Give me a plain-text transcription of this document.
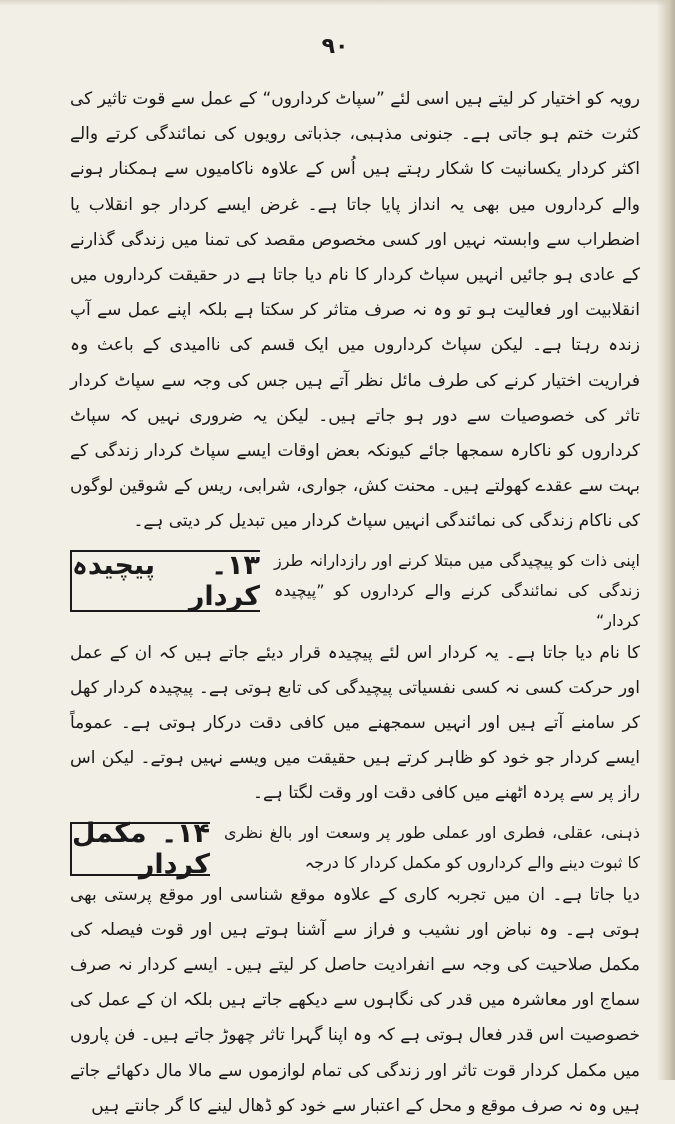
۹۰

رویہ کو اختیار کر لیتے ہیں اسی لئے ”سپاٹ کرداروں“ کے عمل سے قوت تاثیر کی کثرت ختم ہو جاتی ہے۔ جنونی مذہبی، جذباتی رویوں کی نمائندگی کرتے والے اکثر کردار یکسانیت کا شکار رہتے ہیں اُس کے علاوہ ناکامیوں سے ہمکنار ہونے والے کرداروں میں بھی یہ انداز پایا جاتا ہے۔ غرض ایسے کردار جو انقلاب یا اضطراب سے وابستہ نہیں اور کسی مخصوص مقصد کی تمنا میں زندگی گذارنے کے عادی ہو جائیں انہیں سپاٹ کردار کا نام دیا جاتا ہے در حقیقت کرداروں میں انقلابیت اور فعالیت ہو تو وہ نہ صرف متاثر کر سکتا ہے بلکہ اپنے عمل سے آپ زندہ رہتا ہے۔ لیکن سپاٹ کرداروں میں ایک قسم کی ناامیدی کے باعث وہ فراریت اختیار کرنے کی طرف مائل نظر آتے ہیں جس کی وجہ سے سپاٹ کردار تاثر کی خصوصیات سے دور ہو جاتے ہیں۔ لیکن یہ ضروری نہیں کہ سپاٹ کرداروں کو ناکارہ سمجھا جائے کیونکہ بعض اوقات ایسے سپاٹ کردار زندگی کے بہت سے عقدے کھولتے ہیں۔ محنت کش، جواری، شرابی، ریس کے شوقین لوگوں کی ناکام زندگی کی نمائندگی انہیں سپاٹ کردار میں تبدیل کر دیتی ہے۔

۱۳۔ پیچیدہ کردار
اپنی ذات کو پیچیدگی میں مبتلا کرنے اور رازدارانہ طرز زندگی کی نمائندگی کرنے والے کرداروں کو ”پیچیدہ کردار“

کا نام دیا جاتا ہے۔ یہ کردار اس لئے پیچیدہ قرار دیئے جاتے ہیں کہ ان کے عمل اور حرکت کسی نہ کسی نفسیاتی پیچیدگی کی تابع ہوتی ہے۔ پیچیدہ کردار کھل کر سامنے آتے ہیں اور انہیں سمجھنے میں کافی دقت درکار ہوتی ہے۔ عموماً ایسے کردار جو خود کو ظاہر کرتے ہیں حقیقت میں ویسے نہیں ہوتے۔ لیکن اس راز پر سے پردہ اٹھنے میں کافی دقت اور وقت لگتا ہے۔

۱۴۔ مکمل کردار
ذہنی، عقلی، فطری اور عملی طور پر وسعت اور بالغ نظری کا ثبوت دینے والے کرداروں کو مکمل کردار کا درجہ

دیا جاتا ہے۔ ان میں تجربہ کاری کے علاوہ موقع شناسی اور موقع پرستی بھی ہوتی ہے۔ وہ نباض اور نشیب و فراز سے آشنا ہوتے ہیں اور قوت فیصلہ کی مکمل صلاحیت کی وجہ سے انفرادیت حاصل کر لیتے ہیں۔ ایسے کردار نہ صرف سماج اور معاشرہ میں قدر کی نگاہوں سے دیکھے جاتے ہیں بلکہ ان کے عمل کی خصوصیت اس قدر فعال ہوتی ہے کہ وہ اپنا گہرا تاثر چھوڑ جاتے ہیں۔ فن پاروں میں مکمل کردار قوت تاثر اور زندگی کی تمام لوازموں سے مالا مال دکھائے جاتے ہیں وہ نہ صرف موقع و محل کے اعتبار سے خود کو ڈھال لینے کا گر جانتے ہیں
